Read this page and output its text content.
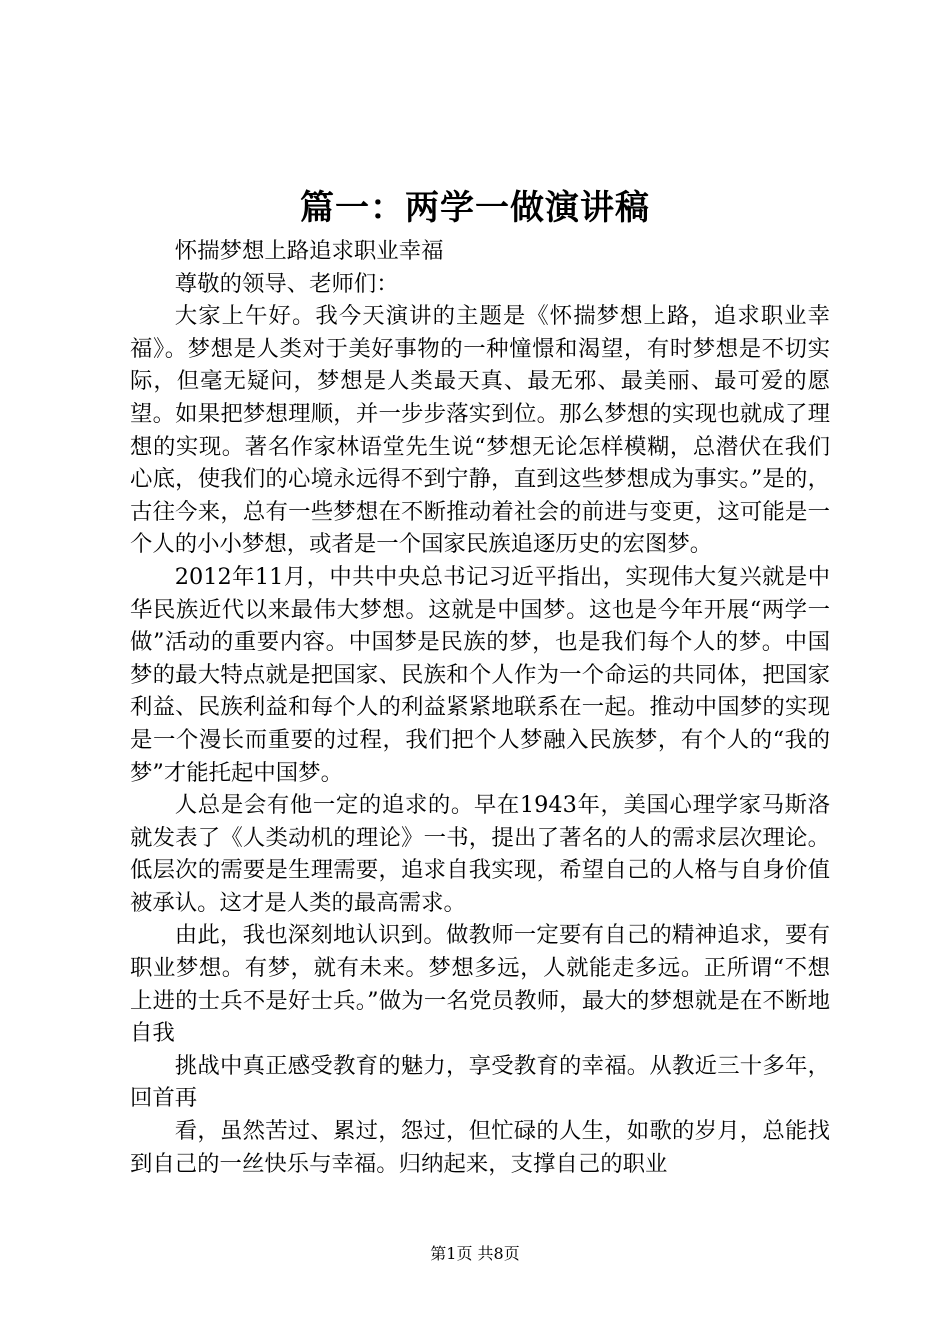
篇一：两学一做演讲稿

怀揣梦想上路追求职业幸福

尊敬的领导、老师们：

大家上午好。我今天演讲的主题是《怀揣梦想上路，追求职业幸福》。梦想是人类对于美好事物的一种憧憬和渴望，有时梦想是不切实际，但毫无疑问，梦想是人类最天真、最无邪、最美丽、最可爱的愿望。如果把梦想理顺，并一步步落实到位。那么梦想的实现也就成了理想的实现。著名作家林语堂先生说“梦想无论怎样模糊，总潜伏在我们心底，使我们的心境永远得不到宁静，直到这些梦想成为事实。”是的，古往今来，总有一些梦想在不断推动着社会的前进与变更，这可能是一个人的小小梦想，或者是一个国家民族追逐历史的宏图梦。

2012年11月，中共中央总书记习近平指出，实现伟大复兴就是中华民族近代以来最伟大梦想。这就是中国梦。这也是今年开展“两学一做”活动的重要内容。中国梦是民族的梦，也是我们每个人的梦。中国梦的最大特点就是把国家、民族和个人作为一个命运的共同体，把国家利益、民族利益和每个人的利益紧紧地联系在一起。推动中国梦的实现是一个漫长而重要的过程，我们把个人梦融入民族梦，有个人的“我的梦”才能托起中国梦。

人总是会有他一定的追求的。早在1943年，美国心理学家马斯洛就发表了《人类动机的理论》一书，提出了著名的人的需求层次理论。低层次的需要是生理需要，追求自我实现，希望自己的人格与自身价值被承认。这才是人类的最高需求。

由此，我也深刻地认识到。做教师一定要有自己的精神追求，要有职业梦想。有梦，就有未来。梦想多远，人就能走多远。正所谓“不想上进的士兵不是好士兵。”做为一名党员教师，最大的梦想就是在不断地自我

挑战中真正感受教育的魅力，享受教育的幸福。从教近三十多年，回首再

看，虽然苦过、累过，怨过，但忙碌的人生，如歌的岁月，总能找到自己的一丝快乐与幸福。归纳起来，支撑自己的职业

第1页 共8页
